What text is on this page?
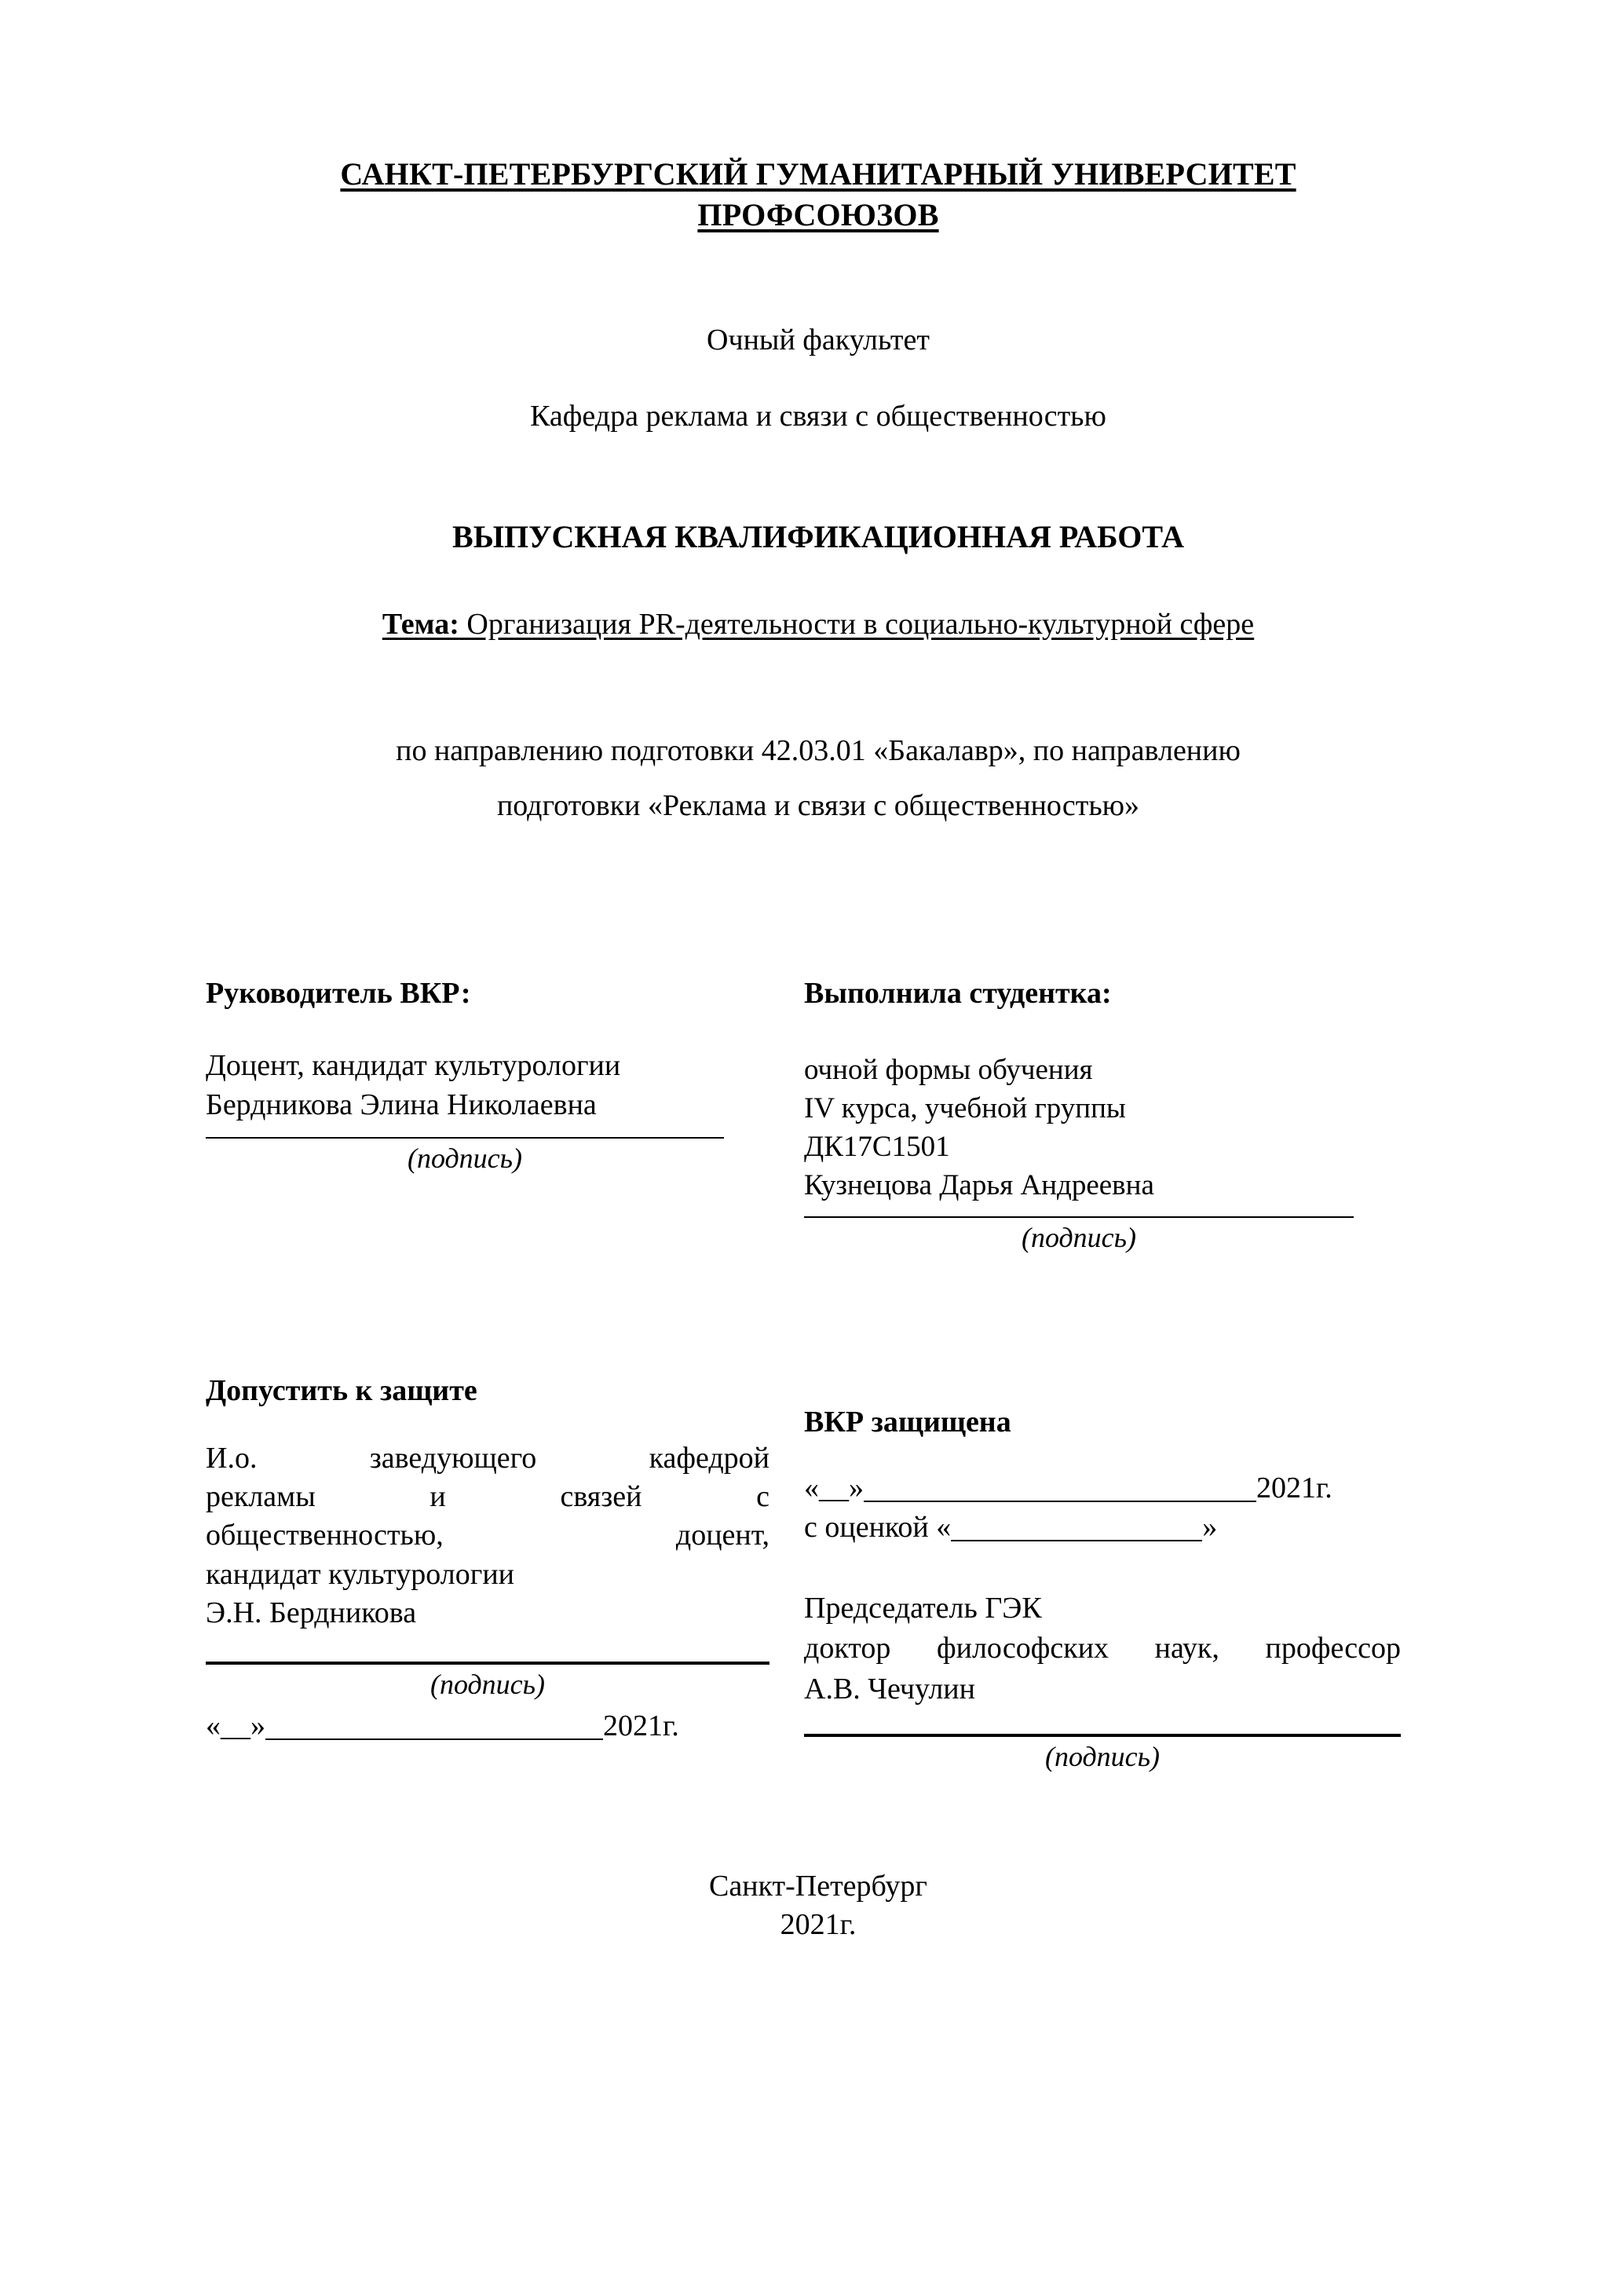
САНКТ-ПЕТЕРБУРГСКИЙ ГУМАНИТАРНЫЙ УНИВЕРСИТЕТ
ПРОФСОЮЗОВ
Очный факультет
Кафедра реклама и связи с общественностью
ВЫПУСКНАЯ КВАЛИФИКАЦИОННАЯ РАБОТА
Тема: Организация PR-деятельности в социально-культурной сфере
по направлению подготовки 42.03.01 «Бакалавр», по направлению
подготовки «Реклама и связи с общественностью»
Руководитель ВКР:
Доцент, кандидат культурологии
Бердникова Элина Николаевна
(подпись)
Выполнила студентка:
очной формы обучения
IV курса, учебной группы
ДК17С1501
Кузнецова Дарья Андреевна
(подпись)
Допустить к защите
И.о. заведующего кафедрой
рекламы и связей с
общественностью, доцент,
кандидат культурологии
Э.Н. Бердникова
(подпись)
«__»	2021г.
ВКР защищена
«__»	2021г.
с оценкой «	»
Председатель ГЭК
доктор философских наук, профессор
А.В. Чечулин
(подпись)
Санкт-Петербург
2021г.
